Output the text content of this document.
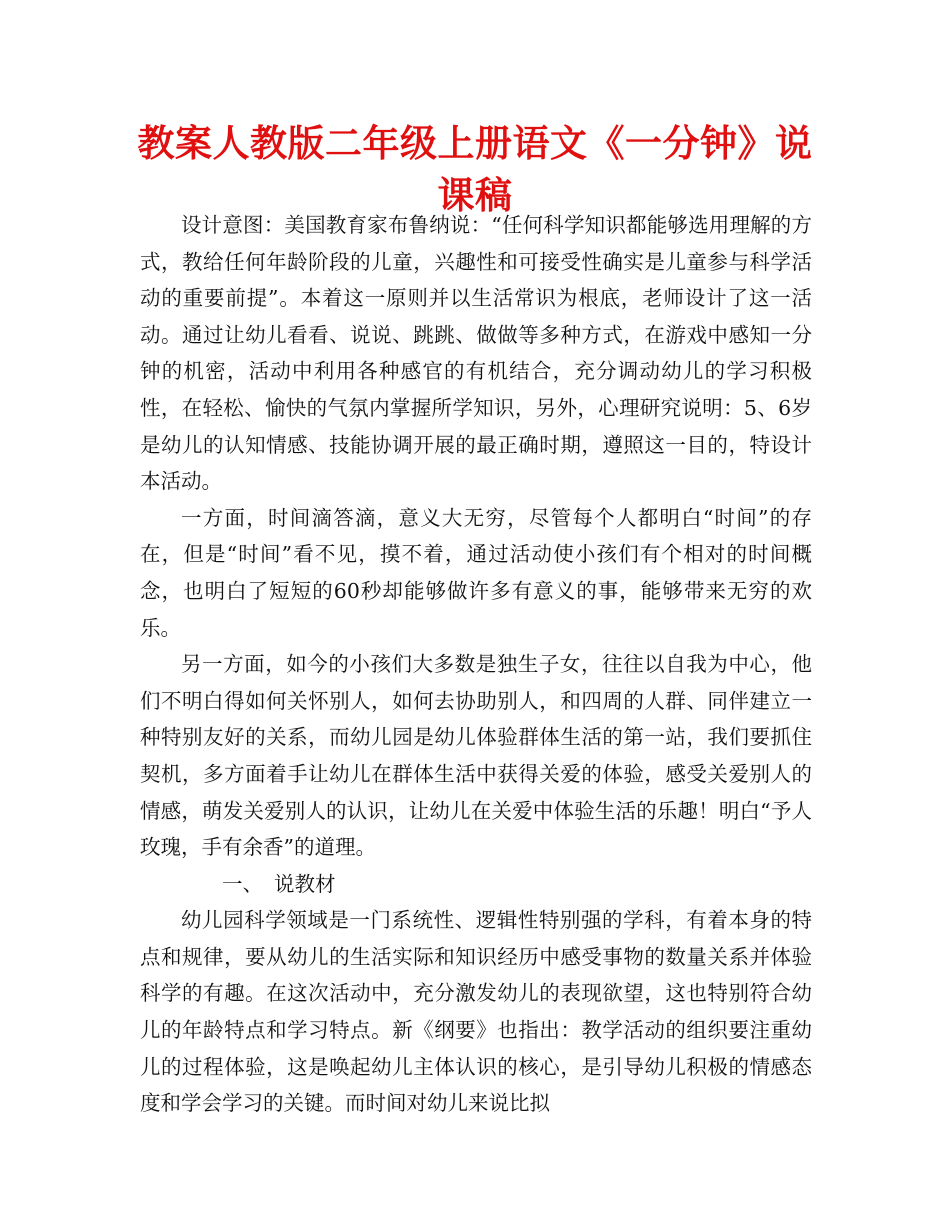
教案人教版二年级上册语文《一分钟》说课稿

设计意图：美国教育家布鲁纳说：“任何科学知识都能够选用理解的方式，教给任何年龄阶段的儿童，兴趣性和可接受性确实是儿童参与科学活动的重要前提”。本着这一原则并以生活常识为根底，老师设计了这一活动。通过让幼儿看看、说说、跳跳、做做等多种方式，在游戏中感知一分钟的机密，活动中利用各种感官的有机结合，充分调动幼儿的学习积极性，在轻松、愉快的气氛内掌握所学知识，另外，心理研究说明：5、6岁是幼儿的认知情感、技能协调开展的最正确时期，遵照这一目的，特设计本活动。

一方面，时间滴答滴，意义大无穷，尽管每个人都明白“时间”的存在，但是“时间”看不见，摸不着，通过活动使小孩们有个相对的时间概念，也明白了短短的60秒却能够做许多有意义的事，能够带来无穷的欢乐。

另一方面，如今的小孩们大多数是独生子女，往往以自我为中心，他们不明白得如何关怀别人，如何去协助别人，和四周的人群、同伴建立一种特别友好的关系，而幼儿园是幼儿体验群体生活的第一站，我们要抓住契机，多方面着手让幼儿在群体生活中获得关爱的体验，感受关爱别人的情感，萌发关爱别人的认识，让幼儿在关爱中体验生活的乐趣！明白“予人玫瑰，手有余香”的道理。

一、 说教材

幼儿园科学领域是一门系统性、逻辑性特别强的学科，有着本身的特点和规律，要从幼儿的生活实际和知识经历中感受事物的数量关系并体验科学的有趣。在这次活动中，充分激发幼儿的表现欲望，这也特别符合幼儿的年龄特点和学习特点。新《纲要》也指出：教学活动的组织要注重幼儿的过程体验，这是唤起幼儿主体认识的核心，是引导幼儿积极的情感态度和学会学习的关键。而时间对幼儿来说比拟
